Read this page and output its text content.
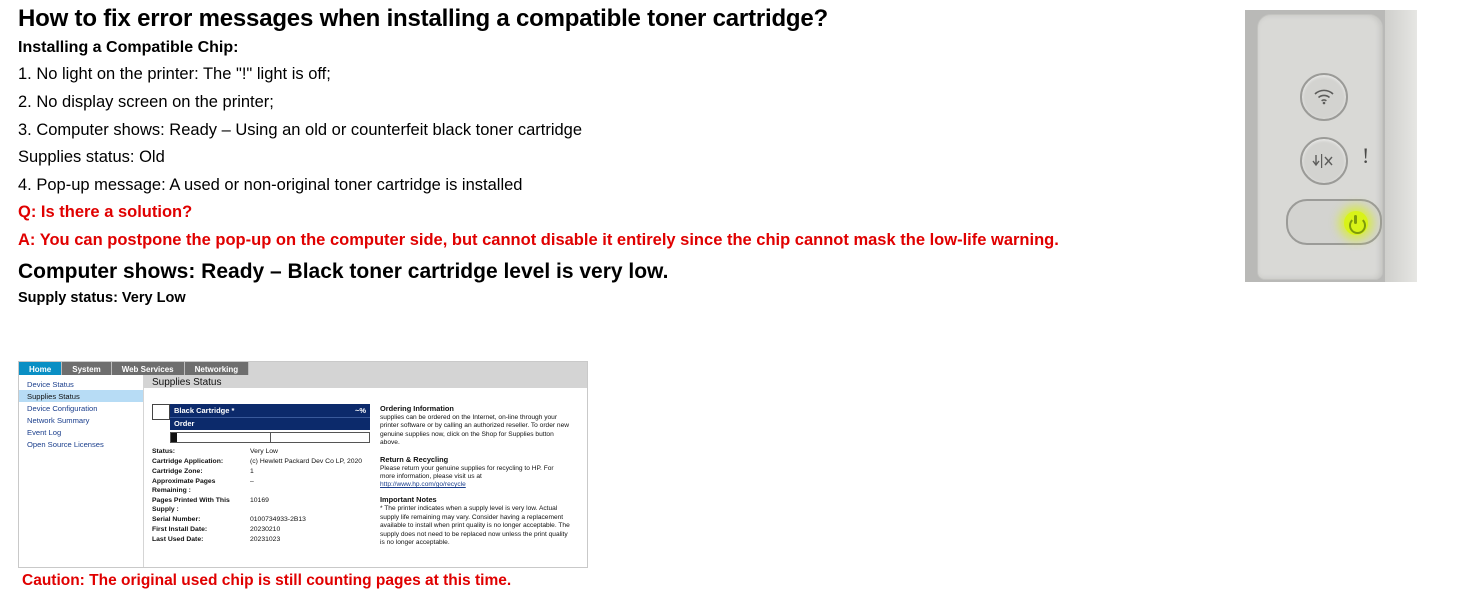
How to fix error messages when installing a compatible toner cartridge?
Installing a Compatible Chip:
1. No light on the printer: The "!" light is off;
2. No display screen on the printer;
3. Computer shows: Ready – Using an old or counterfeit black toner cartridge
Supplies status: Old
4. Pop-up message: A used or non-original toner cartridge is installed
Q: Is there a solution?
A: You can postpone the pop-up on the computer side, but cannot disable it entirely since the chip cannot mask the low-life warning.
Computer shows: Ready – Black toner cartridge level is very low.
Supply status: Very Low
!
Home	System	Web Services	Networking
Device Status
Supplies Status
Device Configuration
Network Summary
Event Log
Open Source Licenses
Supplies Status
Black Cartridge *	~%
Order
Status:	Very Low
Cartridge Application:	(c) Hewlett Packard Dev Co LP, 2020
Cartridge Zone:	1
Approximate Pages Remaining :
–
Pages Printed With This Supply :
10169
Serial Number:	0100734933-2B13
First Install Date:	20230210
Last Used Date:	20231023
Ordering Information
supplies can be ordered on the Internet, on-line through your printer software or by calling an authorized reseller. To order new genuine supplies now, click on the Shop for Supplies button above.
Return & Recycling
Please return your genuine supplies for recycling to HP. For more information, please visit us at
http://www.hp.com/go/recycle
Important Notes
* The printer indicates when a supply level is very low. Actual supply life remaining may vary. Consider having a replacement available to install when print quality is no longer acceptable. The supply does not need to be replaced now unless the print quality is no longer acceptable.
Caution: The original used chip is still counting pages at this time.
